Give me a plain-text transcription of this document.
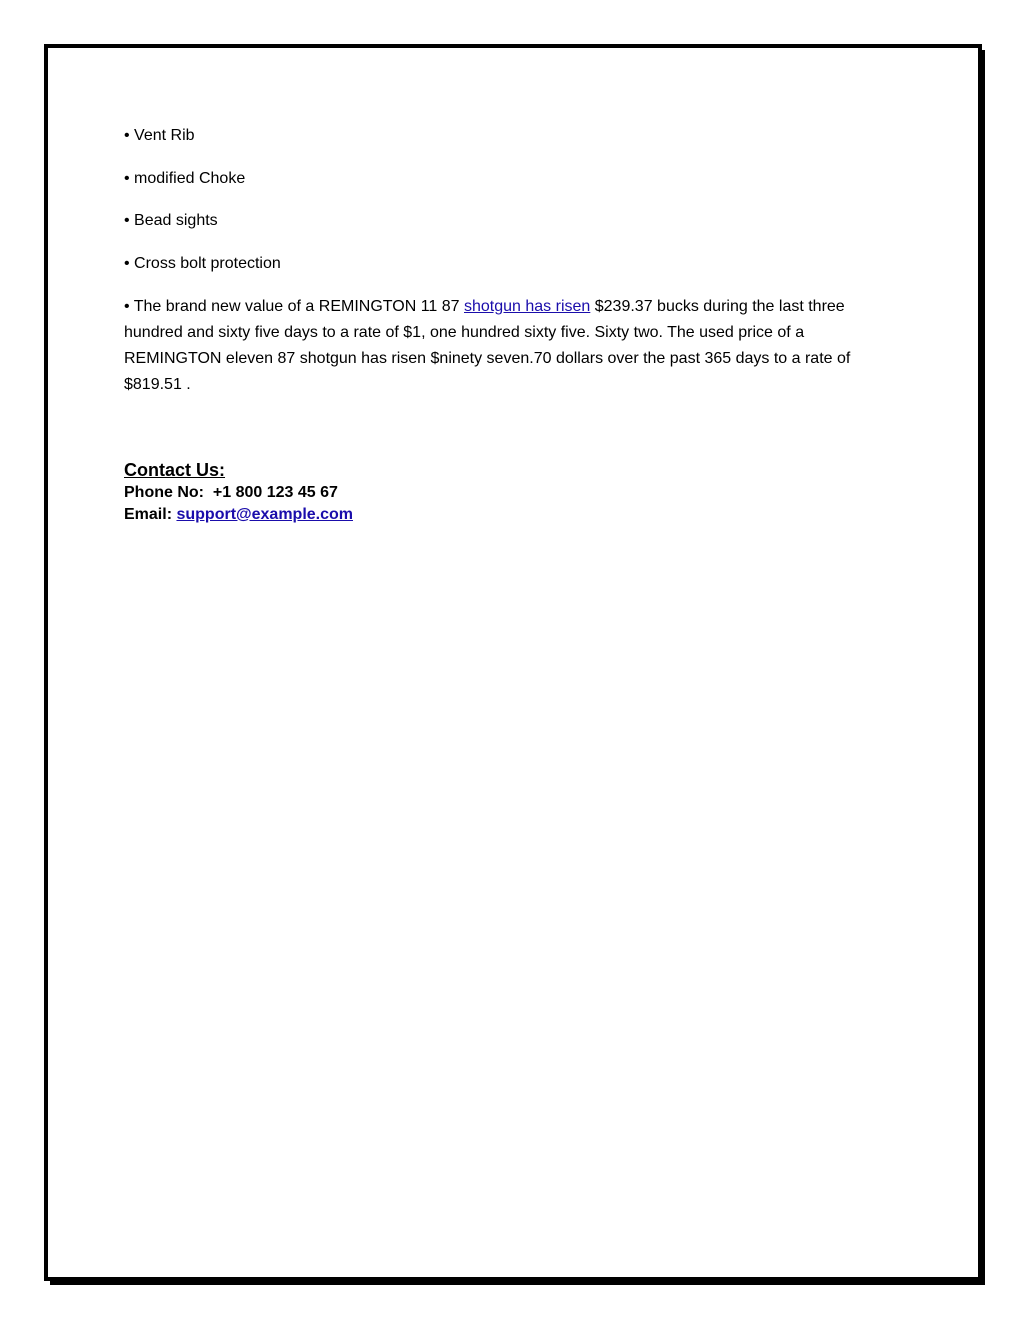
• Vent Rib

• modified Choke

• Bead sights

• Cross bolt protection

• The brand new value of a REMINGTON 11 87 shotgun has risen $239.37 bucks during the last three hundred and sixty five days to a rate of $1, one hundred sixty five. Sixty two. The used price of a REMINGTON eleven 87 shotgun has risen $ninety seven.70 dollars over the past 365 days to a rate of $819.51 .

Contact Us:

Phone No:  +1 800 123 45 67

Email: support@example.com
